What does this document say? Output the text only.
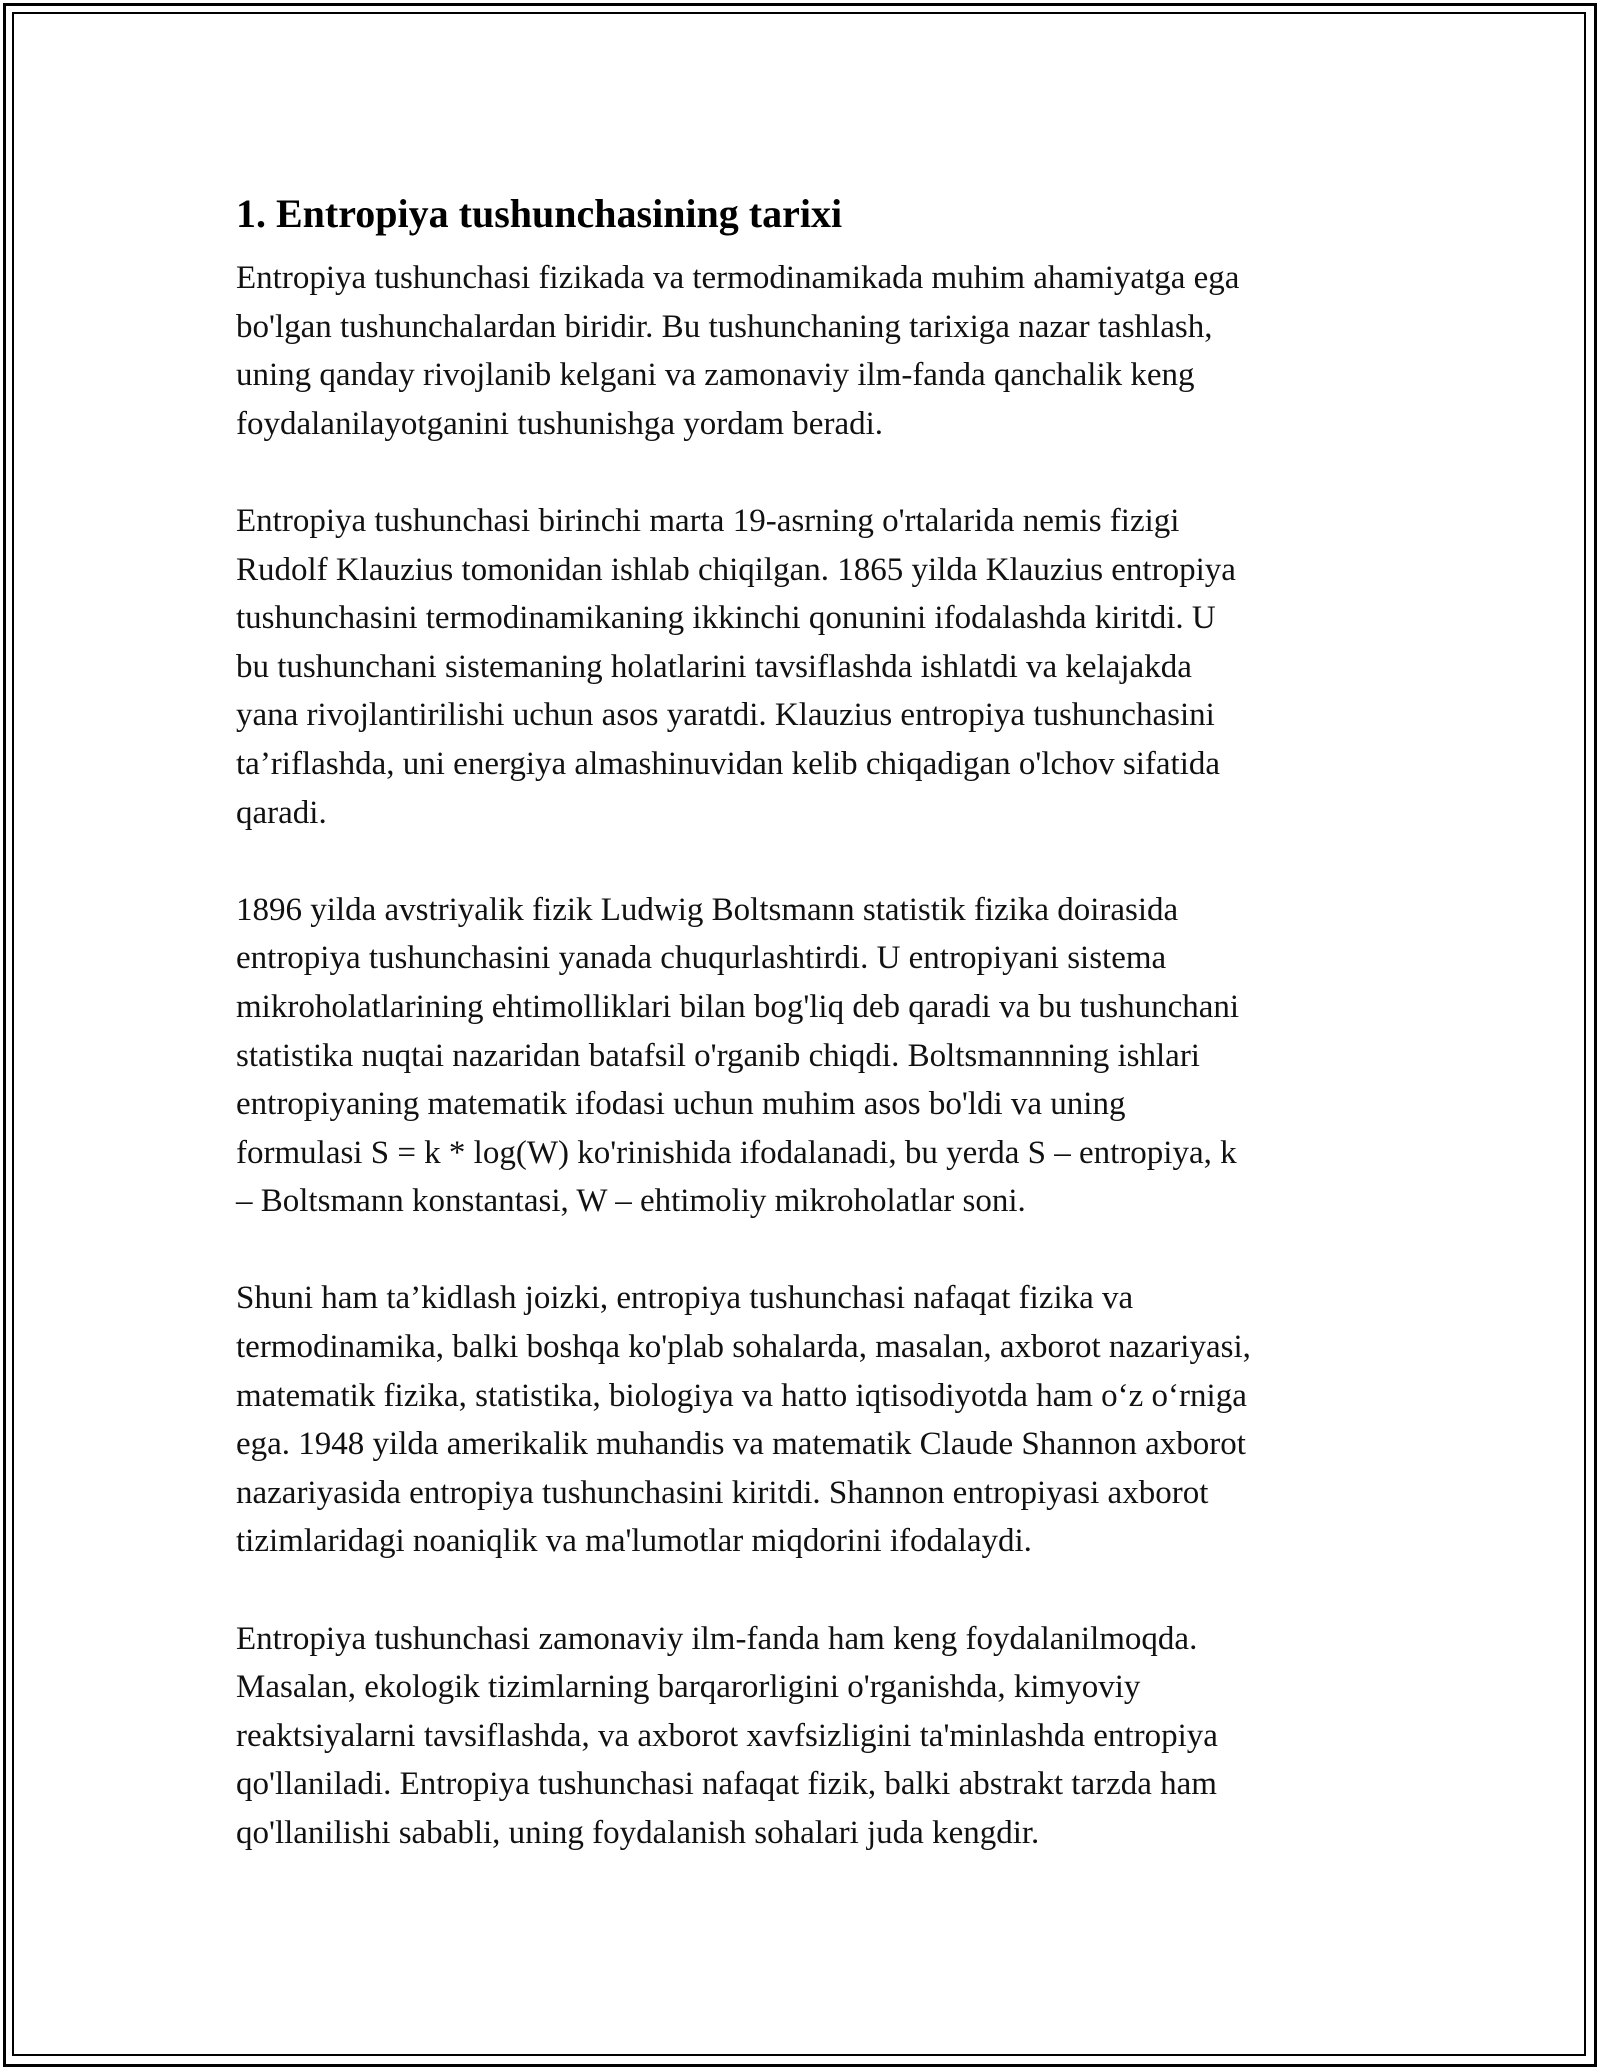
1. Entropiya tushunchasining tarixi

Entropiya tushunchasi fizikada va termodinamikada muhim ahamiyatga ega
bo'lgan tushunchalardan biridir. Bu tushunchaning tarixiga nazar tashlash,
uning qanday rivojlanib kelgani va zamonaviy ilm-fanda qanchalik keng
foydalanilayotganini tushunishga yordam beradi.

Entropiya tushunchasi birinchi marta 19-asrning o'rtalarida nemis fizigi
Rudolf Klauzius tomonidan ishlab chiqilgan. 1865 yilda Klauzius entropiya
tushunchasini termodinamikaning ikkinchi qonunini ifodalashda kiritdi. U
bu tushunchani sistemaning holatlarini tavsiflashda ishlatdi va kelajakda
yana rivojlantirilishi uchun asos yaratdi. Klauzius entropiya tushunchasini
ta’riflashda, uni energiya almashinuvidan kelib chiqadigan o'lchov sifatida
qaradi.

1896 yilda avstriyalik fizik Ludwig Boltsmann statistik fizika doirasida
entropiya tushunchasini yanada chuqurlashtirdi. U entropiyani sistema
mikroholatlarining ehtimolliklari bilan bog'liq deb qaradi va bu tushunchani
statistika nuqtai nazaridan batafsil o'rganib chiqdi. Boltsmannning ishlari
entropiyaning matematik ifodasi uchun muhim asos bo'ldi va uning
formulasi S = k * log(W) ko'rinishida ifodalanadi, bu yerda S – entropiya, k
– Boltsmann konstantasi, W – ehtimoliy mikroholatlar soni.

Shuni ham ta’kidlash joizki, entropiya tushunchasi nafaqat fizika va
termodinamika, balki boshqa ko'plab sohalarda, masalan, axborot nazariyasi,
matematik fizika, statistika, biologiya va hatto iqtisodiyotda ham o‘z o‘rniga
ega. 1948 yilda amerikalik muhandis va matematik Claude Shannon axborot
nazariyasida entropiya tushunchasini kiritdi. Shannon entropiyasi axborot
tizimlaridagi noaniqlik va ma'lumotlar miqdorini ifodalaydi.

Entropiya tushunchasi zamonaviy ilm-fanda ham keng foydalanilmoqda.
Masalan, ekologik tizimlarning barqarorligini o'rganishda, kimyoviy
reaktsiyalarni tavsiflashda, va axborot xavfsizligini ta'minlashda entropiya
qo'llaniladi. Entropiya tushunchasi nafaqat fizik, balki abstrakt tarzda ham
qo'llanilishi sababli, uning foydalanish sohalari juda kengdir.
